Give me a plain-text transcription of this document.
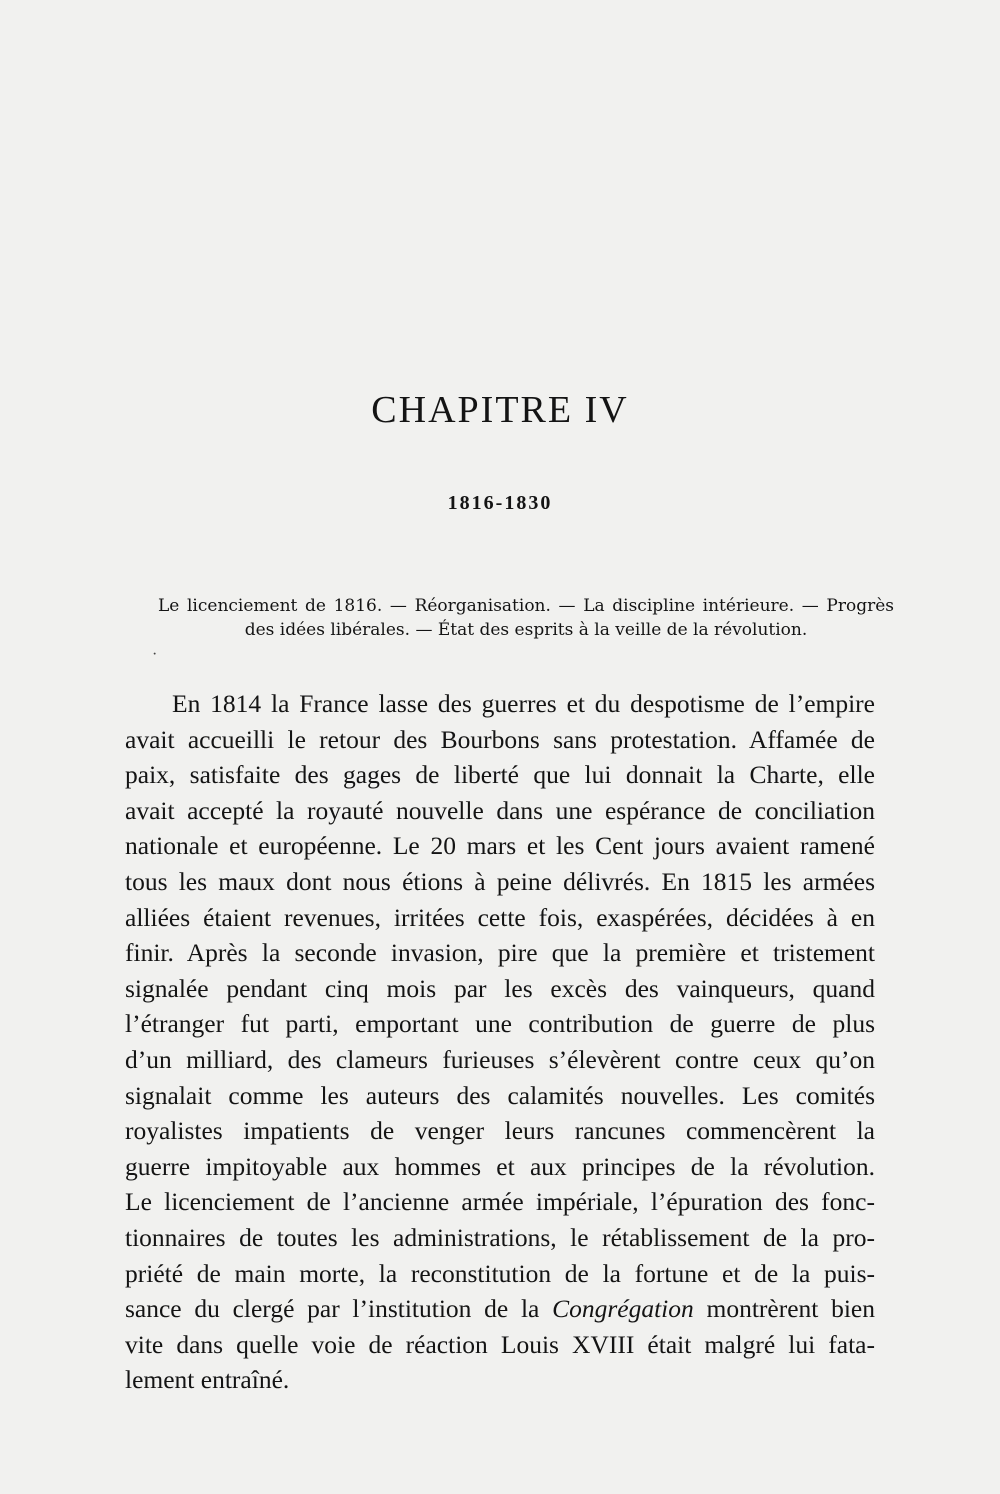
CHAPITRE IV
1816-1830

Le licenciement de 1816. — Réorganisation. — La discipline intérieure. — Progrès
des idées libérales. — État des esprits à la veille de la révolution.

·

En 1814 la France lasse des guerres et du despotisme de l’empire
avait accueilli le retour des Bourbons sans protestation. Affamée de
paix, satisfaite des gages de liberté que lui donnait la Charte, elle
avait accepté la royauté nouvelle dans une espérance de conciliation
nationale et européenne. Le 20 mars et les Cent jours avaient ramené
tous les maux dont nous étions à peine délivrés. En 1815 les armées
alliées étaient revenues, irritées cette fois, exaspérées, décidées à en
finir. Après la seconde invasion, pire que la première et tristement
signalée pendant cinq mois par les excès des vainqueurs, quand
l’étranger fut parti, emportant une contribution de guerre de plus
d’un milliard, des clameurs furieuses s’élevèrent contre ceux qu’on
signalait comme les auteurs des calamités nouvelles. Les comités
royalistes impatients de venger leurs rancunes commencèrent la
guerre impitoyable aux hommes et aux principes de la révolution.
Le licenciement de l’ancienne armée impériale, l’épuration des fonc-
tionnaires de toutes les administrations, le rétablissement de la pro-
priété de main morte, la reconstitution de la fortune et de la puis-
sance du clergé par l’institution de la Congrégation montrèrent bien
vite dans quelle voie de réaction Louis XVIII était malgré lui fata-
lement entraîné.
